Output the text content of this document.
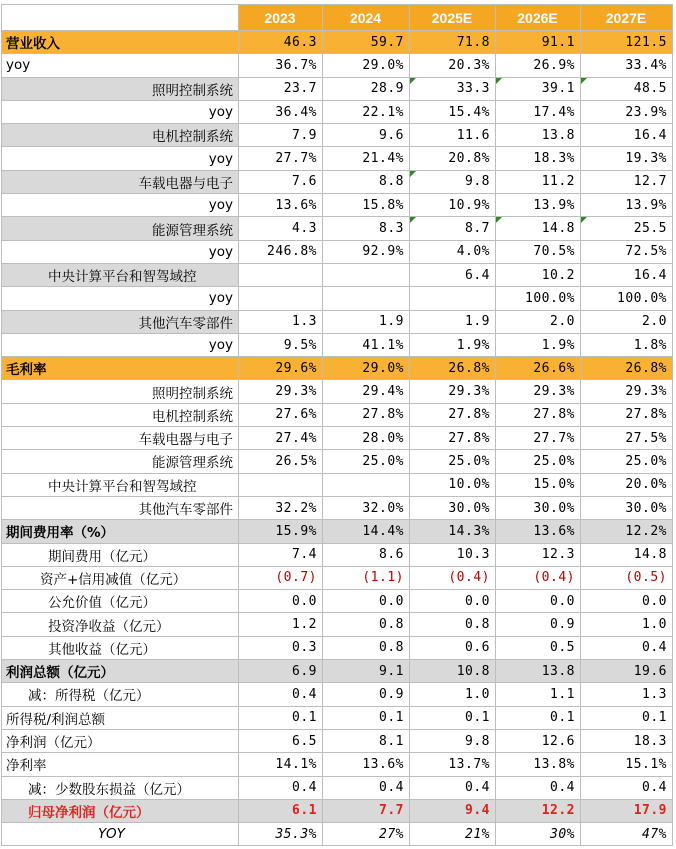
	2023	2024	2025E	2026E	2027E
营业收入	46.3	59.7	71.8	91.1	121.5
yoy	36.7%	29.0%	20.3%	26.9%	33.4%
照明控制系统	23.7	28.9	33.3	39.1	48.5
yoy	36.4%	22.1%	15.4%	17.4%	23.9%
电机控制系统	7.9	9.6	11.6	13.8	16.4
yoy	27.7%	21.4%	20.8%	18.3%	19.3%
车载电器与电子	7.6	8.8	9.8	11.2	12.7
yoy	13.6%	15.8%	10.9%	13.9%	13.9%
能源管理系统	4.3	8.3	8.7	14.8	25.5
yoy	246.8%	92.9%	4.0%	70.5%	72.5%
中央计算平台和智驾域控			6.4	10.2	16.4
yoy				100.0%	100.0%
其他汽车零部件	1.3	1.9	1.9	2.0	2.0
yoy	9.5%	41.1%	1.9%	1.9%	1.8%
毛利率	29.6%	29.0%	26.8%	26.6%	26.8%
照明控制系统	29.3%	29.4%	29.3%	29.3%	29.3%
电机控制系统	27.6%	27.8%	27.8%	27.8%	27.8%
车载电器与电子	27.4%	28.0%	27.8%	27.7%	27.5%
能源管理系统	26.5%	25.0%	25.0%	25.0%	25.0%
中央计算平台和智驾域控			10.0%	15.0%	20.0%
其他汽车零部件	32.2%	32.0%	30.0%	30.0%	30.0%
期间费用率（%）	15.9%	14.4%	14.3%	13.6%	12.2%
期间费用（亿元）	7.4	8.6	10.3	12.3	14.8
资产+信用减值（亿元）	(0.7)	(1.1)	(0.4)	(0.4)	(0.5)
公允价值（亿元）	0.0	0.0	0.0	0.0	0.0
投资净收益（亿元）	1.2	0.8	0.8	0.9	1.0
其他收益（亿元）	0.3	0.8	0.6	0.5	0.4
利润总额（亿元）	6.9	9.1	10.8	13.8	19.6
减：所得税（亿元）	0.4	0.9	1.0	1.1	1.3
所得税/利润总额	0.1	0.1	0.1	0.1	0.1
净利润（亿元）	6.5	8.1	9.8	12.6	18.3
净利率	14.1%	13.6%	13.7%	13.8%	15.1%
减：少数股东损益（亿元）	0.4	0.4	0.4	0.4	0.4
归母净利润（亿元）	6.1	7.7	9.4	12.2	17.9
YOY	35.3%	27%	21%	30%	47%
